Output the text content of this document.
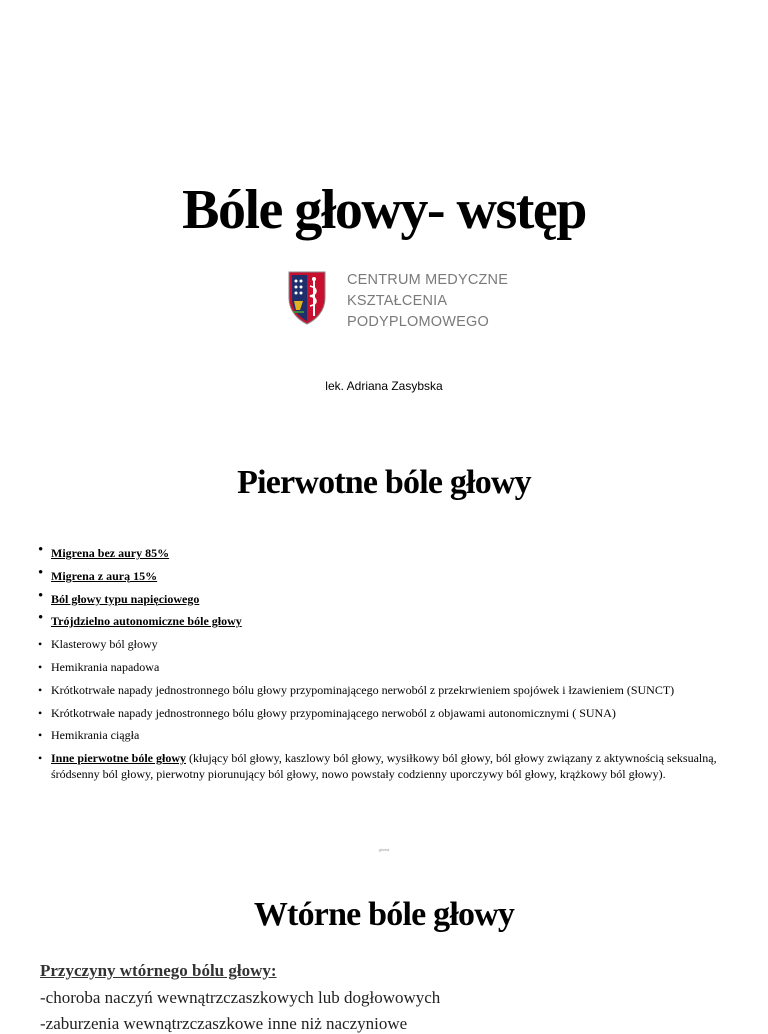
Bóle głowy- wstęp
CENTRUM MEDYCZNE
KSZTAŁCENIA
PODYPLOMOWEGO
lek. Adriana Zasybska
Pierwotne bóle głowy
• Migrena bez aury 85%
• Migrena z aurą 15%
• Ból głowy typu napięciowego
• Trójdzielno autonomiczne bóle głowy
• Klasterowy ból głowy
• Hemikrania napadowa
• Krótkotrwałe napady jednostronnego bólu głowy przypominającego nerwoból z przekrwieniem spojówek i łzawieniem (SUNCT)
• Krótkotrwałe napady jednostronnego bólu głowy przypominającego nerwoból z objawami autonomicznymi ( SUNA)
• Hemikrania ciągła
• Inne pierwotne bóle głowy (kłujący ból głowy, kaszlowy ból głowy, wysiłkowy ból głowy, ból głowy związany z aktywnością seksualną, śródsenny ból głowy, pierwotny piorunujący ból głowy, nowo powstały codzienny uporczywy ból głowy, krążkowy ból głowy).
glowa
Wtórne bóle głowy
Przyczyny wtórnego bólu głowy:
-choroba naczyń wewnątrzczaszkowych lub dogłowowych
-zaburzenia wewnątrzczaszkowe inne niż naczyniowe
